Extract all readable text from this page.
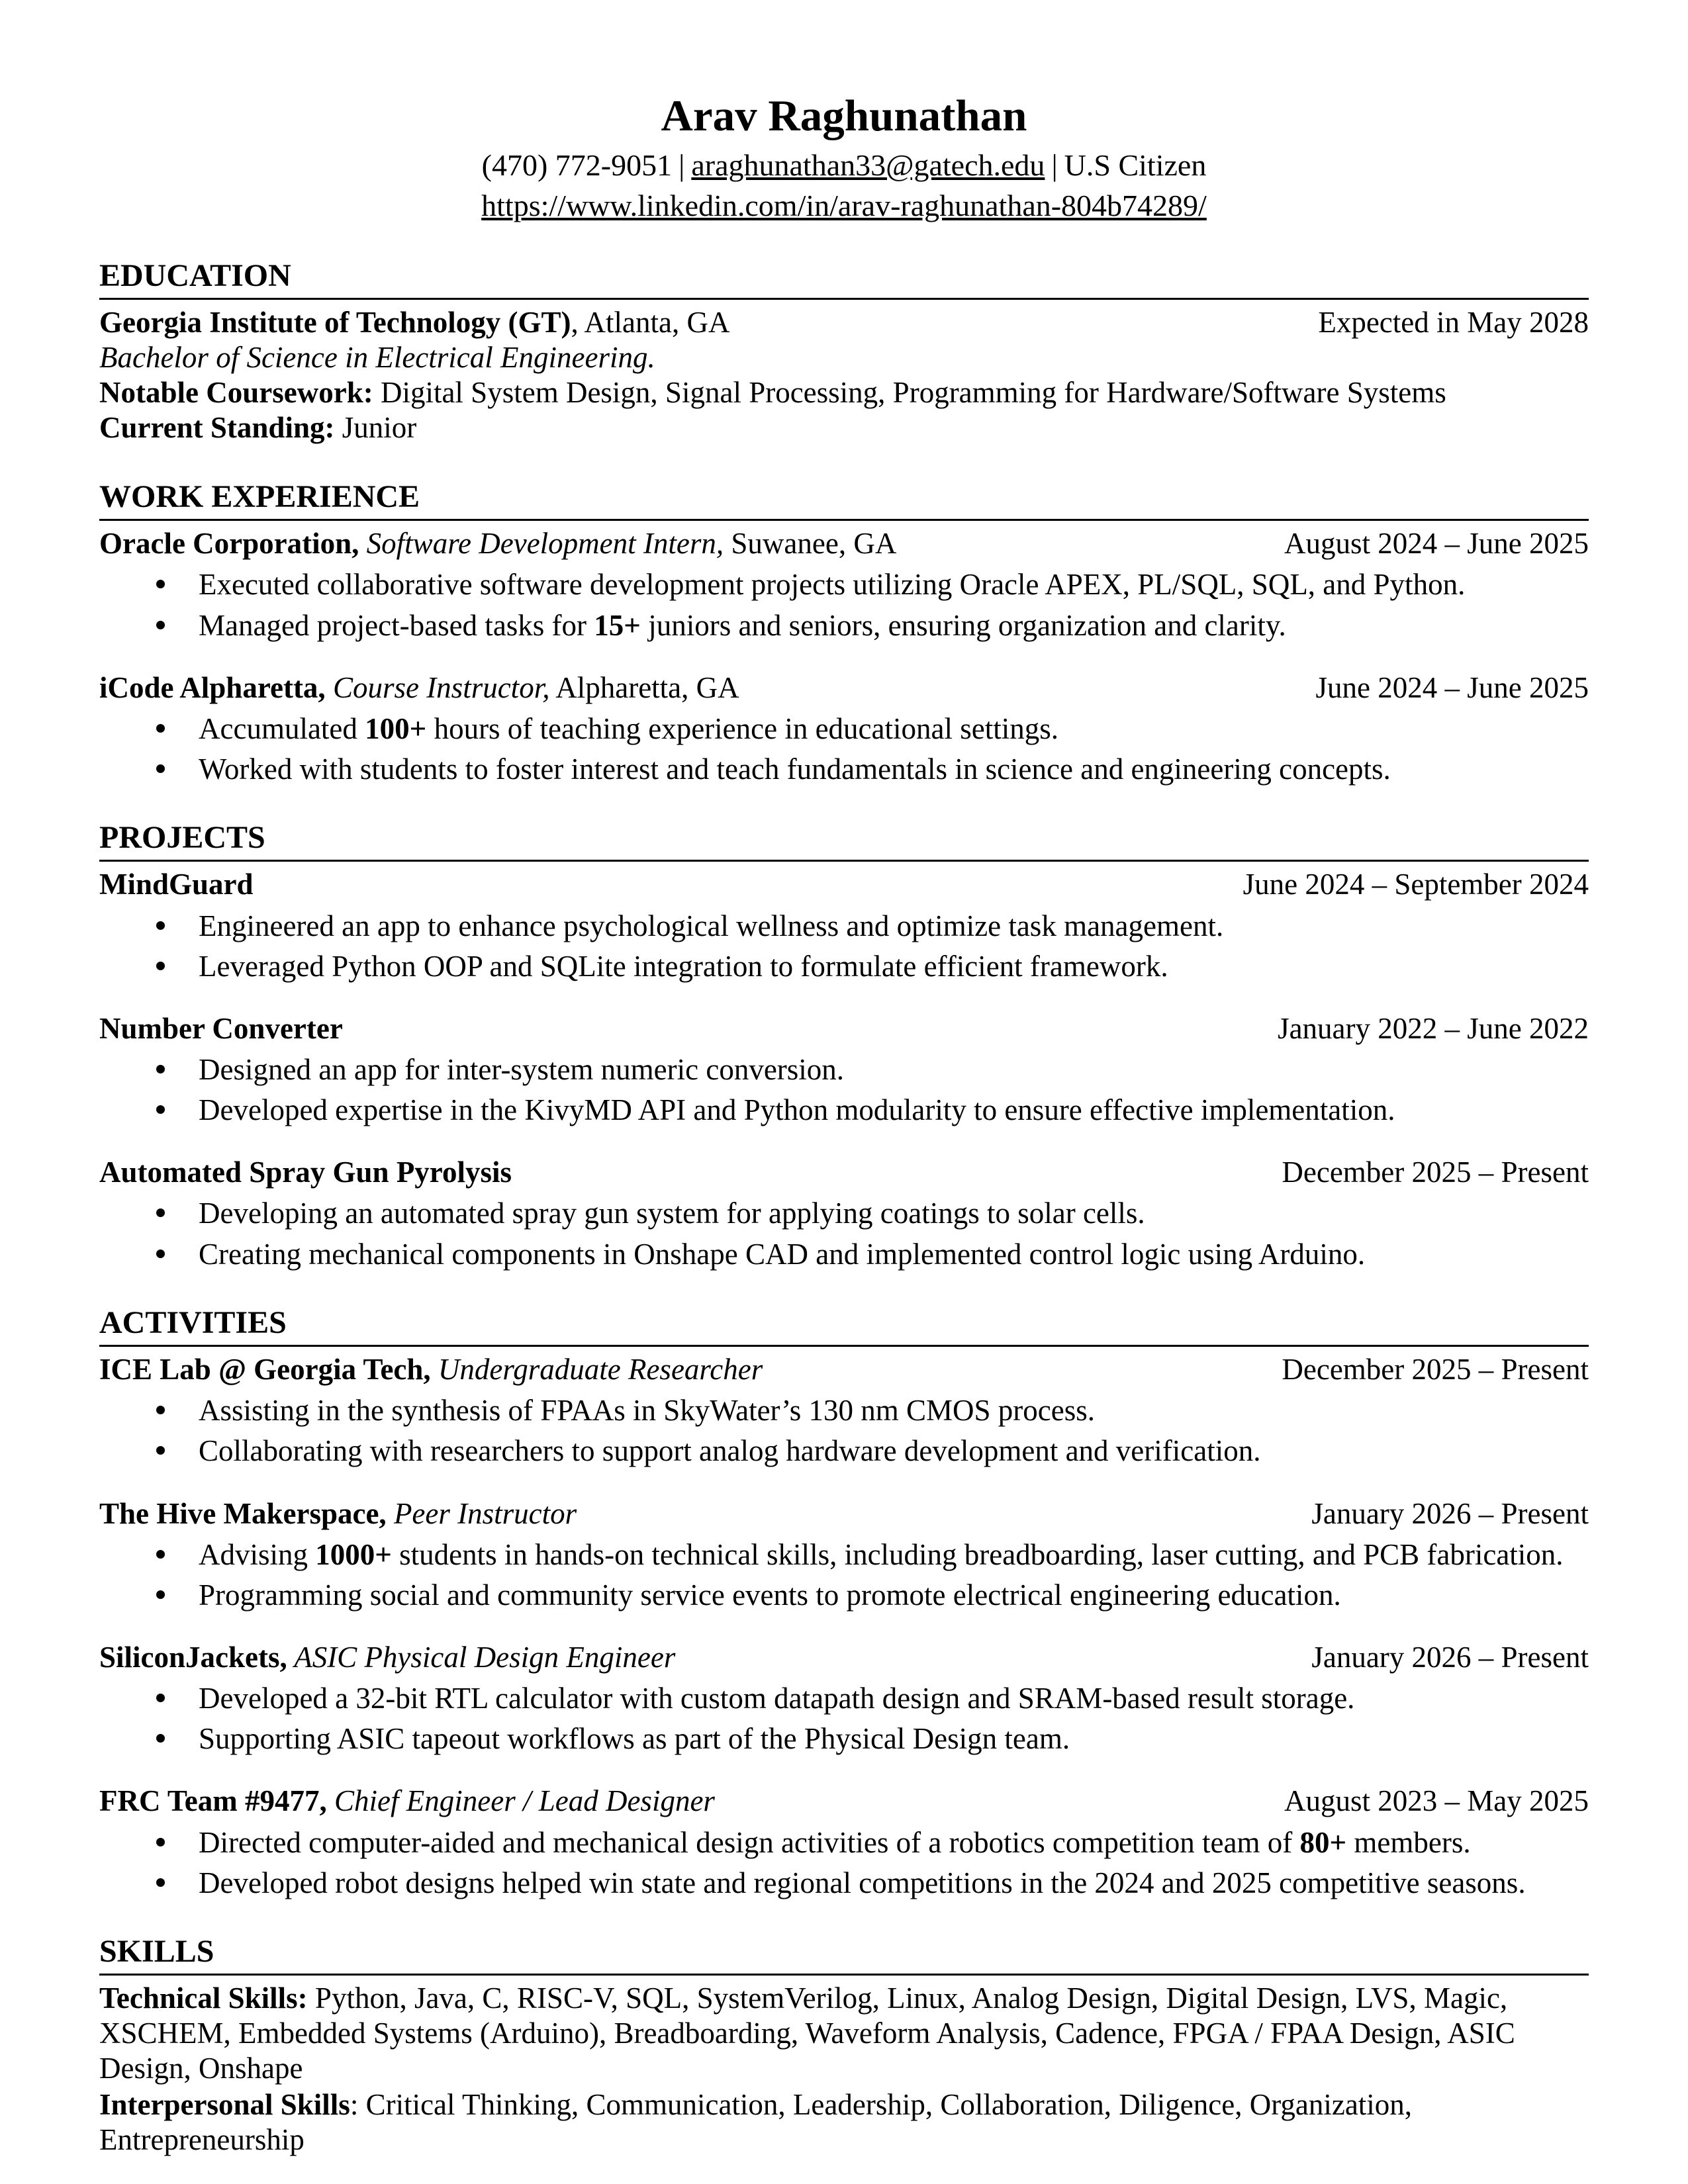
Arav Raghunathan
(470) 772-9051 | araghunathan33@gatech.edu | U.S Citizen
https://www.linkedin.com/in/arav-raghunathan-804b74289/
EDUCATION
Georgia Institute of Technology (GT), Atlanta, GA	Expected in May 2028
Bachelor of Science in Electrical Engineering.
Notable Coursework: Digital System Design, Signal Processing, Programming for Hardware/Software Systems
Current Standing: Junior
WORK EXPERIENCE
Oracle Corporation, Software Development Intern, Suwanee, GA	August 2024 – June 2025
Executed collaborative software development projects utilizing Oracle APEX, PL/SQL, SQL, and Python.
Managed project-based tasks for 15+ juniors and seniors, ensuring organization and clarity.
iCode Alpharetta, Course Instructor, Alpharetta, GA	June 2024 – June 2025
Accumulated 100+ hours of teaching experience in educational settings.
Worked with students to foster interest and teach fundamentals in science and engineering concepts.
PROJECTS
MindGuard	June 2024 – September 2024
Engineered an app to enhance psychological wellness and optimize task management.
Leveraged Python OOP and SQLite integration to formulate efficient framework.
Number Converter	January 2022 – June 2022
Designed an app for inter-system numeric conversion.
Developed expertise in the KivyMD API and Python modularity to ensure effective implementation.
Automated Spray Gun Pyrolysis	December 2025 – Present
Developing an automated spray gun system for applying coatings to solar cells.
Creating mechanical components in Onshape CAD and implemented control logic using Arduino.
ACTIVITIES
ICE Lab @ Georgia Tech, Undergraduate Researcher	December 2025 – Present
Assisting in the synthesis of FPAAs in SkyWater’s 130 nm CMOS process.
Collaborating with researchers to support analog hardware development and verification.
The Hive Makerspace, Peer Instructor	January 2026 – Present
Advising 1000+ students in hands-on technical skills, including breadboarding, laser cutting, and PCB fabrication.
Programming social and community service events to promote electrical engineering education.
SiliconJackets, ASIC Physical Design Engineer	January 2026 – Present
Developed a 32-bit RTL calculator with custom datapath design and SRAM-based result storage.
Supporting ASIC tapeout workflows as part of the Physical Design team.
FRC Team #9477, Chief Engineer / Lead Designer	August 2023 – May 2025
Directed computer-aided and mechanical design activities of a robotics competition team of 80+ members.
Developed robot designs helped win state and regional competitions in the 2024 and 2025 competitive seasons.
SKILLS
Technical Skills: Python, Java, C, RISC-V, SQL, SystemVerilog, Linux, Analog Design, Digital Design, LVS, Magic, XSCHEM, Embedded Systems (Arduino), Breadboarding, Waveform Analysis, Cadence, FPGA / FPAA Design, ASIC Design, Onshape
Interpersonal Skills: Critical Thinking, Communication, Leadership, Collaboration, Diligence, Organization, Entrepreneurship
